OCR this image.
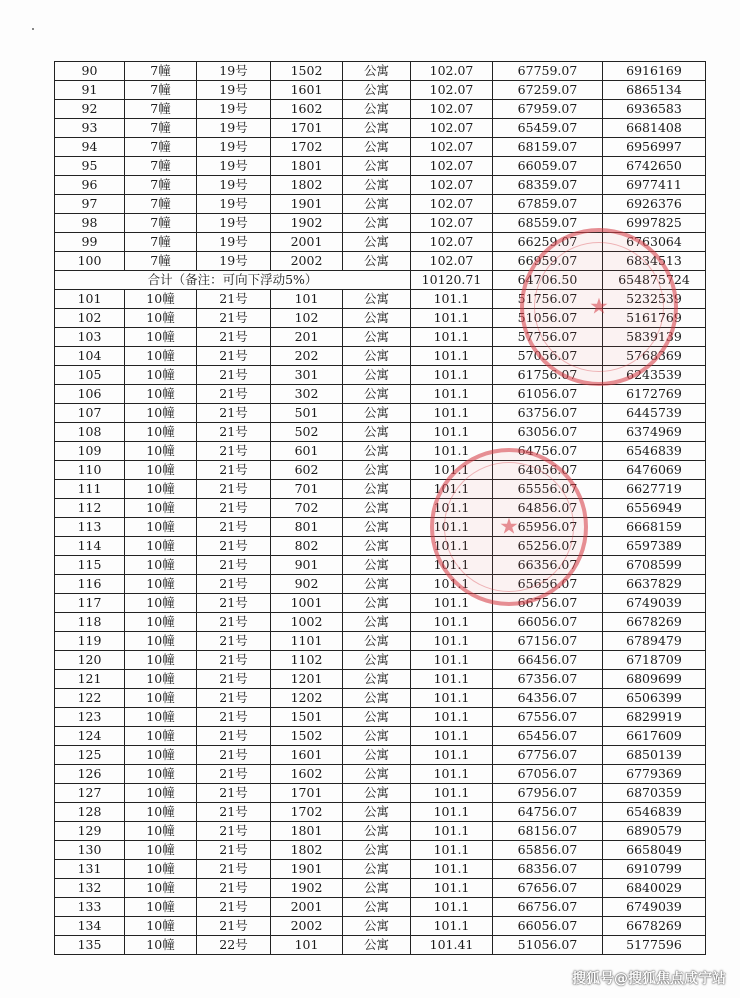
90	7幢	19号	1502	公寓	102.07	67759.07	6916169
91	7幢	19号	1601	公寓	102.07	67259.07	6865134
92	7幢	19号	1602	公寓	102.07	67959.07	6936583
93	7幢	19号	1701	公寓	102.07	65459.07	6681408
94	7幢	19号	1702	公寓	102.07	68159.07	6956997
95	7幢	19号	1801	公寓	102.07	66059.07	6742650
96	7幢	19号	1802	公寓	102.07	68359.07	6977411
97	7幢	19号	1901	公寓	102.07	67859.07	6926376
98	7幢	19号	1902	公寓	102.07	68559.07	6997825
99	7幢	19号	2001	公寓	102.07	66259.07	6763064
100	7幢	19号	2002	公寓	102.07	66959.07	6834513
合计（备注：可向下浮动5%）					10120.71	64706.50	654875724
101	10幢	21号	101	公寓	101.1	51756.07	5232539
102	10幢	21号	102	公寓	101.1	51056.07	5161769
103	10幢	21号	201	公寓	101.1	57756.07	5839139
104	10幢	21号	202	公寓	101.1	57056.07	5768369
105	10幢	21号	301	公寓	101.1	61756.07	6243539
106	10幢	21号	302	公寓	101.1	61056.07	6172769
107	10幢	21号	501	公寓	101.1	63756.07	6445739
108	10幢	21号	502	公寓	101.1	63056.07	6374969
109	10幢	21号	601	公寓	101.1	64756.07	6546839
110	10幢	21号	602	公寓	101.1	64056.07	6476069
111	10幢	21号	701	公寓	101.1	65556.07	6627719
112	10幢	21号	702	公寓	101.1	64856.07	6556949
113	10幢	21号	801	公寓	101.1	65956.07	6668159
114	10幢	21号	802	公寓	101.1	65256.07	6597389
115	10幢	21号	901	公寓	101.1	66356.07	6708599
116	10幢	21号	902	公寓	101.1	65656.07	6637829
117	10幢	21号	1001	公寓	101.1	66756.07	6749039
118	10幢	21号	1002	公寓	101.1	66056.07	6678269
119	10幢	21号	1101	公寓	101.1	67156.07	6789479
120	10幢	21号	1102	公寓	101.1	66456.07	6718709
121	10幢	21号	1201	公寓	101.1	67356.07	6809699
122	10幢	21号	1202	公寓	101.1	64356.07	6506399
123	10幢	21号	1501	公寓	101.1	67556.07	6829919
124	10幢	21号	1502	公寓	101.1	65456.07	6617609
125	10幢	21号	1601	公寓	101.1	67756.07	6850139
126	10幢	21号	1602	公寓	101.1	67056.07	6779369
127	10幢	21号	1701	公寓	101.1	67956.07	6870359
128	10幢	21号	1702	公寓	101.1	64756.07	6546839
129	10幢	21号	1801	公寓	101.1	68156.07	6890579
130	10幢	21号	1802	公寓	101.1	65856.07	6658049
131	10幢	21号	1901	公寓	101.1	68356.07	6910799
132	10幢	21号	1902	公寓	101.1	67656.07	6840029
133	10幢	21号	2001	公寓	101.1	66756.07	6749039
134	10幢	21号	2002	公寓	101.1	66056.07	6678269
135	10幢	22号	101	公寓	101.41	51056.07	5177596
★
★
搜狐号@搜狐焦点咸宁站
